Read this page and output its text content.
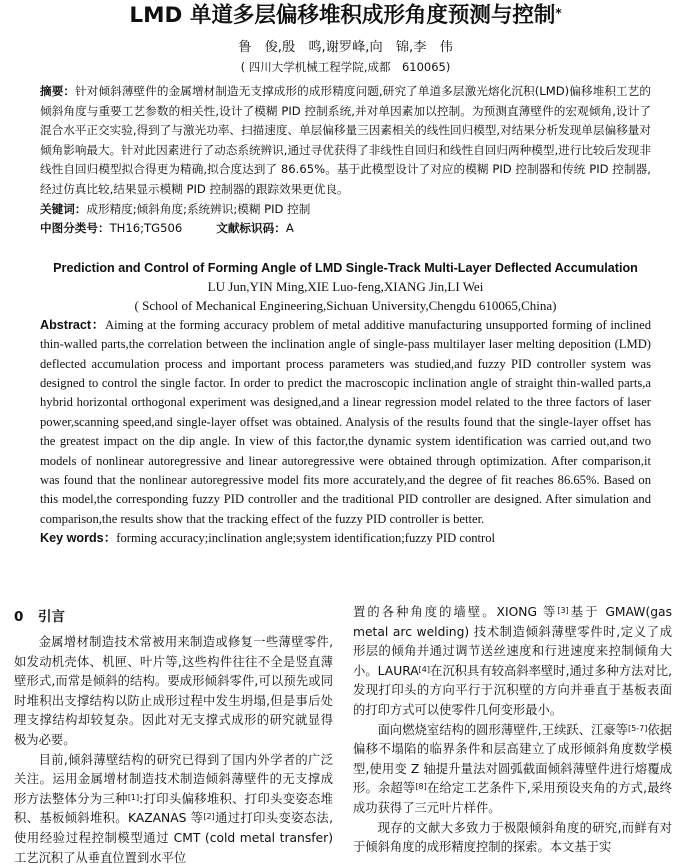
LMD 单道多层偏移堆积成形角度预测与控制*
鲁　俊,殷　鸣,谢罗峰,向　锦,李　伟
( 四川大学机械工程学院,成都　610065)
摘要：针对倾斜薄壁件的金属增材制造无支撑成形的成形精度问题,研究了单道多层激光熔化沉积(LMD)偏移堆积工艺的倾斜角度与重要工艺参数的相关性,设计了模糊 PID 控制系统,并对单因素加以控制。为预测直薄壁件的宏观倾角,设计了混合水平正交实验,得到了与激光功率、扫描速度、单层偏移量三因素相关的线性回归模型,对结果分析发现单层偏移量对倾角影响最大。针对此因素进行了动态系统辨识,通过寻优获得了非线性自回归和线性自回归两种模型,进行比较后发现非线性自回归模型拟合得更为精确,拟合度达到了 86.65%。基于此模型设计了对应的模糊 PID 控制器和传统 PID 控制器,经过仿真比较,结果显示模糊 PID 控制器的跟踪效果更优良。
关键词：成形精度;倾斜角度;系统辨识;模糊 PID 控制
中图分类号：TH16;TG506	文献标识码：A
Prediction and Control of Forming Angle of LMD Single-Track Multi-Layer Deflected Accumulation
LU Jun,YIN Ming,XIE Luo-feng,XIANG Jin,LI Wei
( School of Mechanical Engineering,Sichuan University,Chengdu 610065,China)
Abstract：Aiming at the forming accuracy problem of metal additive manufacturing unsupported forming of inclined thin-walled parts,the correlation between the inclination angle of single-pass multilayer laser melting deposition (LMD) deflected accumulation process and important process parameters was studied,and fuzzy PID controller system was designed to control the single factor. In order to predict the macroscopic inclination angle of straight thin-walled parts,a hybrid horizontal orthogonal experiment was designed,and a linear regression model related to the three factors of laser power,scanning speed,and single-layer offset was obtained. Analysis of the results found that the single-layer offset has the greatest impact on the dip angle. In view of this factor,the dynamic system identification was carried out,and two models of nonlinear autoregressive and linear autoregressive were obtained through optimization. After comparison,it was found that the nonlinear autoregressive model fits more accurately,and the degree of fit reaches 86.65%. Based on this model,the corresponding fuzzy PID controller and the traditional PID controller are designed. After simulation and comparison,the results show that the tracking effect of the fuzzy PID controller is better.
Key words：forming accuracy;inclination angle;system identification;fuzzy PID control
0 引言

金属增材制造技术常被用来制造或修复一些薄壁零件,如发动机壳体、机匣、叶片等,这些构件往往不全是竖直薄壁形式,而常是倾斜的结构。要成形倾斜零件,可以预先或同时堆积出支撑结构以防止成形过程中发生坍塌,但是事后处理支撑结构却较复杂。因此对无支撑式成形的研究就显得极为必要。

目前,倾斜薄壁结构的研究已得到了国内外学者的广泛关注。运用金属增材制造技术制造倾斜薄壁件的无支撑成形方法整体分为三种[1]:打印头偏移堆积、打印头变姿态堆积、基板倾斜堆积。KAZANAS 等[2]通过打印头变姿态法,使用经验过程控制模型通过 CMT (cold metal transfer) 工艺沉积了从垂直位置到水平位

置的各种角度的墙壁。XIONG 等[3]基于 GMAW(gas metal arc welding) 技术制造倾斜薄壁零件时,定义了成形层的倾角并通过调节送丝速度和行进速度来控制倾角大小。LAURA[4]在沉积具有较高斜率壁时,通过多种方法对比,发现打印头的方向平行于沉积壁的方向并垂直于基板表面的打印方式可以使零件几何变形最小。

面向燃烧室结构的圆形薄壁件,王续跃、江豪等[5-7]依据偏移不塌陷的临界条件和层高建立了成形倾斜角度数学模型,使用变 Z 轴提升量法对圆弧截面倾斜薄壁件进行熔覆成形。余超等[8]在给定工艺条件下,采用预设夹角的方式,最终成功获得了三元叶片样件。

现存的文献大多致力于极限倾斜角度的研究,而鲜有对于倾斜角度的成形精度控制的探索。本文基于实
